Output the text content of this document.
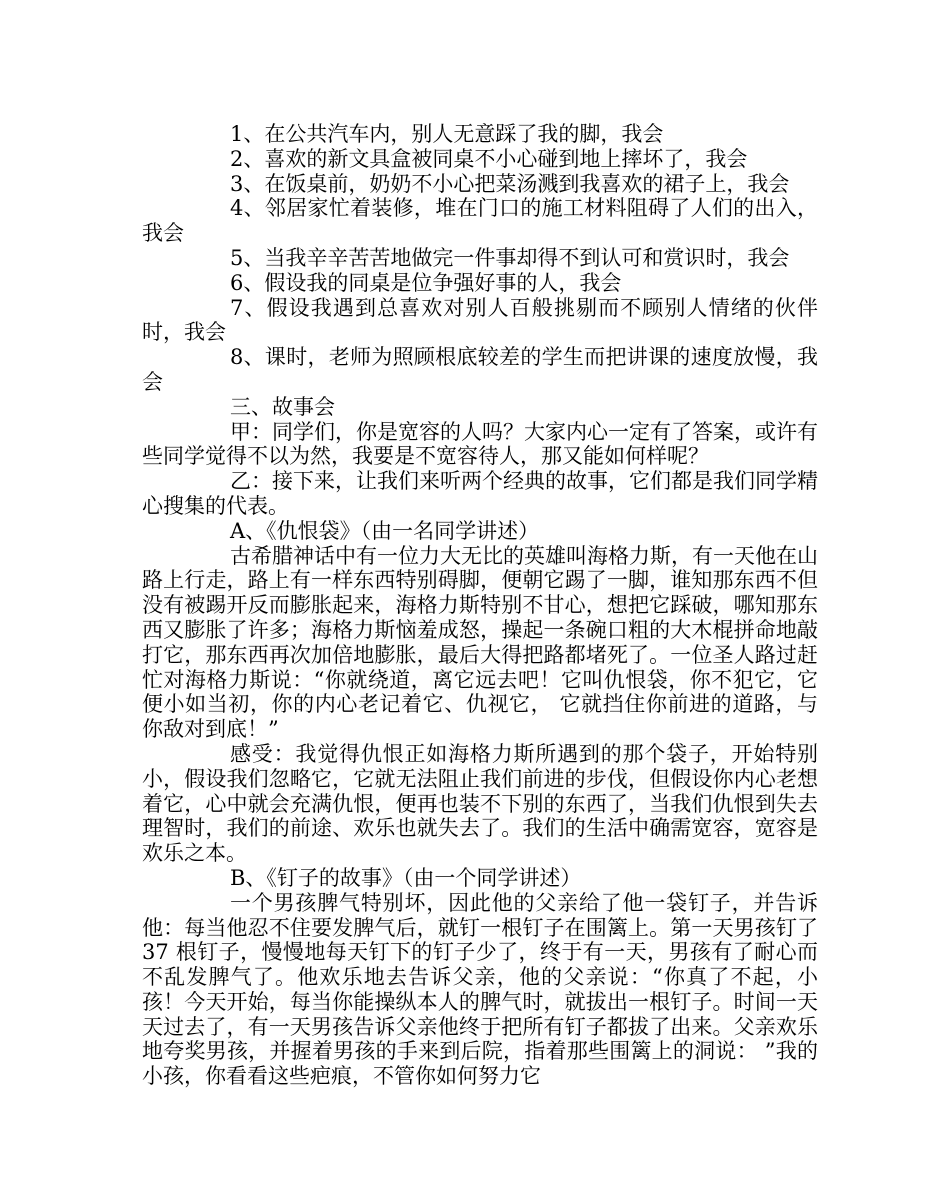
1、在公共汽车内，别人无意踩了我的脚，我会

2、喜欢的新文具盒被同桌不小心碰到地上摔坏了，我会

3、在饭桌前，奶奶不小心把菜汤溅到我喜欢的裙子上，我会

4、邻居家忙着装修，堆在门口的施工材料阻碍了人们的出入，我会

5、当我辛辛苦苦地做完一件事却得不到认可和赏识时，我会

6、假设我的同桌是位争强好事的人，我会

7、假设我遇到总喜欢对别人百般挑剔而不顾别人情绪的伙伴时，我会

8、课时，老师为照顾根底较差的学生而把讲课的速度放慢，我会

三、故事会

甲：同学们，你是宽容的人吗？大家内心一定有了答案，或许有些同学觉得不以为然，我要是不宽容待人，那又能如何样呢？

乙：接下来，让我们来听两个经典的故事，它们都是我们同学精心搜集的代表。

A、《仇恨袋》（由一名同学讲述）

古希腊神话中有一位力大无比的英雄叫海格力斯，有一天他在山路上行走，路上有一样东西特别碍脚，便朝它踢了一脚，谁知那东西不但没有被踢开反而膨胀起来，海格力斯特别不甘心，想把它踩破，哪知那东西又膨胀了许多；海格力斯恼羞成怒，操起一条碗口粗的大木棍拼命地敲打它，那东西再次加倍地膨胀，最后大得把路都堵死了。一位圣人路过赶忙对海格力斯说：“你就绕道，离它远去吧！它叫仇恨袋，你不犯它，它便小如当初，你的内心老记着它、仇视它， 它就挡住你前进的道路，与你敌对到底！”

感受：我觉得仇恨正如海格力斯所遇到的那个袋子，开始特别小，假设我们忽略它，它就无法阻止我们前进的步伐，但假设你内心老想着它，心中就会充满仇恨，便再也装不下别的东西了，当我们仇恨到失去理智时，我们的前途、欢乐也就失去了。我们的生活中确需宽容，宽容是欢乐之本。

B、《钉子的故事》（由一个同学讲述）

一个男孩脾气特别坏，因此他的父亲给了他一袋钉子，并告诉他：每当他忍不住要发脾气后，就钉一根钉子在围篱上。第一天男孩钉了 37 根钉子，慢慢地每天钉下的钉子少了，终于有一天，男孩有了耐心而不乱发脾气了。他欢乐地去告诉父亲，他的父亲说：“你真了不起，小孩！今天开始，每当你能操纵本人的脾气时，就拔出一根钉子。时间一天天过去了，有一天男孩告诉父亲他终于把所有钉子都拔了出来。父亲欢乐地夸奖男孩，并握着男孩的手来到后院，指着那些围篱上的洞说： ”我的小孩，你看看这些疤痕，不管你如何努力它
